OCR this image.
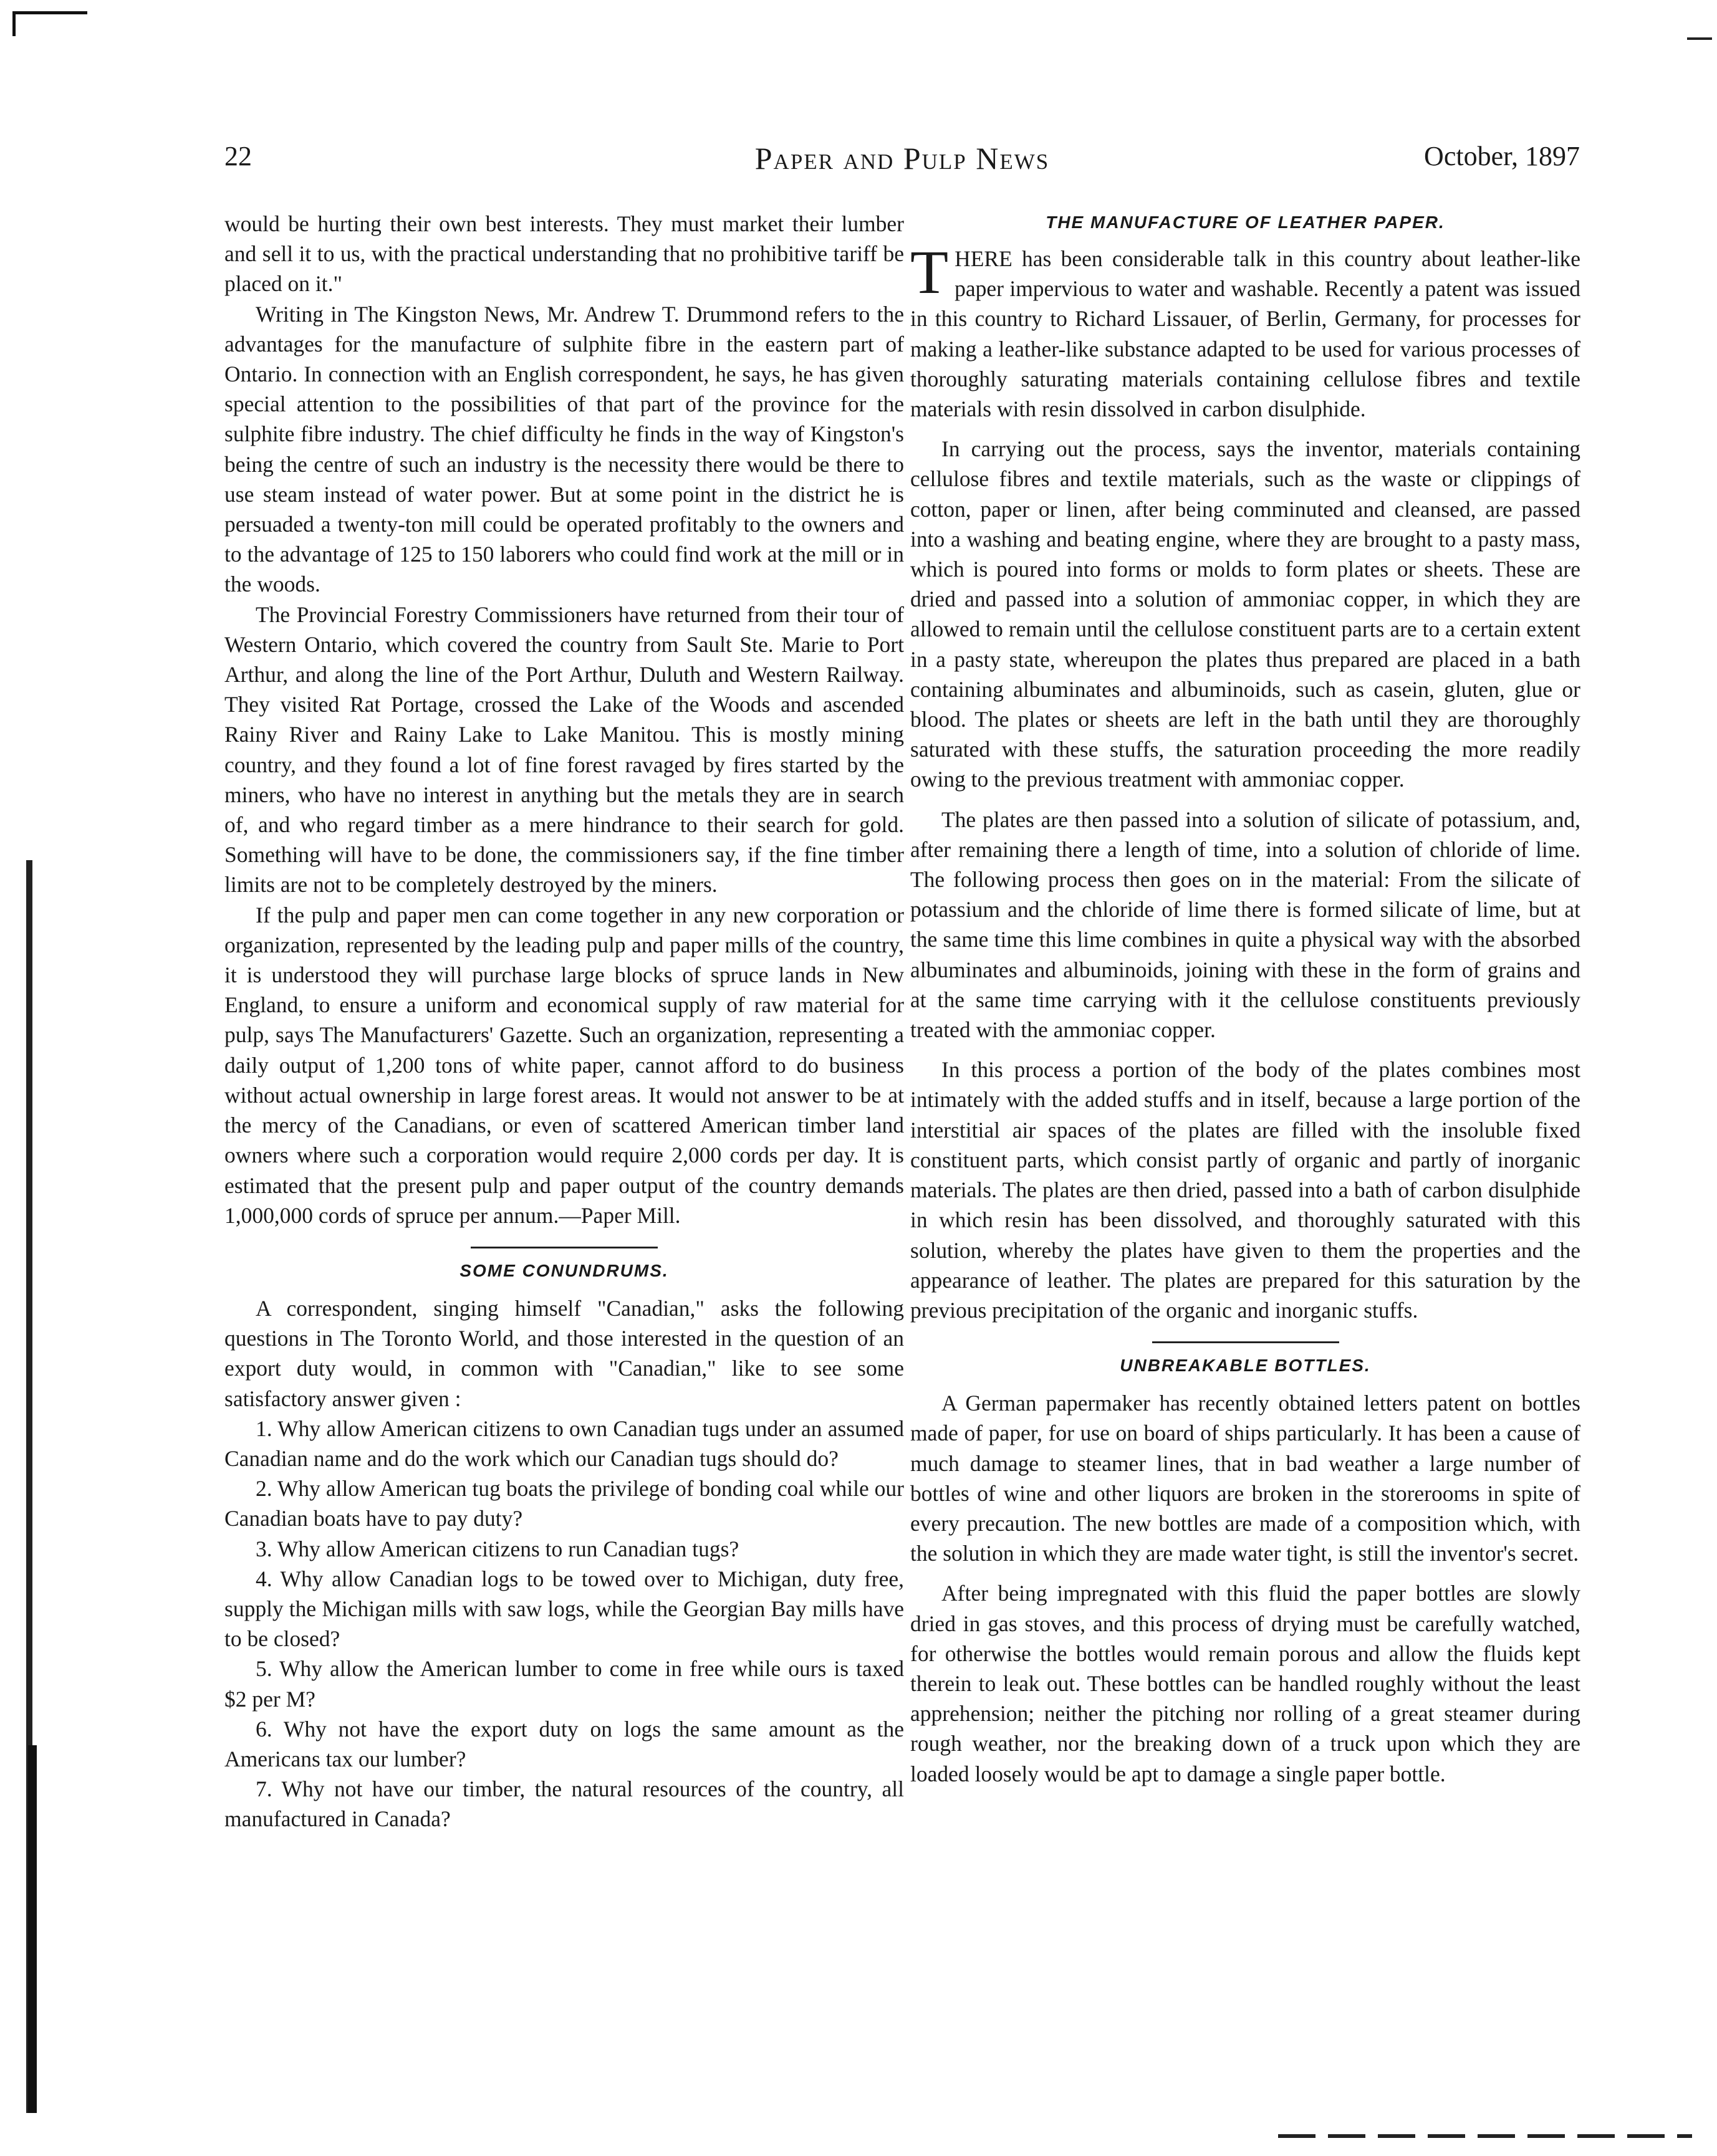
22	Paper and Pulp News	October, 1897

would be hurting their own best interests. They must market their lumber and sell it to us, with the practical understanding that no prohibitive tariff be placed on it."

Writing in The Kingston News, Mr. Andrew T. Drummond refers to the advantages for the manufacture of sulphite fibre in the eastern part of Ontario. In connection with an English correspondent, he says, he has given special attention to the possibilities of that part of the province for the sulphite fibre industry. The chief difficulty he finds in the way of Kingston's being the centre of such an industry is the necessity there would be there to use steam instead of water power. But at some point in the district he is persuaded a twenty-ton mill could be operated profitably to the owners and to the advantage of 125 to 150 laborers who could find work at the mill or in the woods.

The Provincial Forestry Commissioners have returned from their tour of Western Ontario, which covered the country from Sault Ste. Marie to Port Arthur, and along the line of the Port Arthur, Duluth and Western Railway. They visited Rat Portage, crossed the Lake of the Woods and ascended Rainy River and Rainy Lake to Lake Manitou. This is mostly mining country, and they found a lot of fine forest ravaged by fires started by the miners, who have no interest in anything but the metals they are in search of, and who regard timber as a mere hindrance to their search for gold. Something will have to be done, the commissioners say, if the fine timber limits are not to be completely destroyed by the miners.

If the pulp and paper men can come together in any new corporation or organization, represented by the leading pulp and paper mills of the country, it is understood they will purchase large blocks of spruce lands in New England, to ensure a uniform and economical supply of raw material for pulp, says The Manufacturers' Gazette. Such an organization, representing a daily output of 1,200 tons of white paper, cannot afford to do business without actual ownership in large forest areas. It would not answer to be at the mercy of the Canadians, or even of scattered American timber land owners where such a corporation would require 2,000 cords per day. It is estimated that the present pulp and paper output of the country demands 1,000,000 cords of spruce per annum.—Paper Mill.

SOME CONUNDRUMS.

A correspondent, singing himself "Canadian," asks the following questions in The Toronto World, and those interested in the question of an export duty would, in common with "Canadian," like to see some satisfactory answer given :

1. Why allow American citizens to own Canadian tugs under an assumed Canadian name and do the work which our Canadian tugs should do?

2. Why allow American tug boats the privilege of bonding coal while our Canadian boats have to pay duty?

3. Why allow American citizens to run Canadian tugs?

4. Why allow Canadian logs to be towed over to Michigan, duty free, supply the Michigan mills with saw logs, while the Georgian Bay mills have to be closed?

5. Why allow the American lumber to come in free while ours is taxed $2 per M?

6. Why not have the export duty on logs the same amount as the Americans tax our lumber?

7. Why not have our timber, the natural resources of the country, all manufactured in Canada?

THE MANUFACTURE OF LEATHER PAPER.

THERE has been considerable talk in this country about leather-like paper impervious to water and washable. Recently a patent was issued in this country to Richard Lissauer, of Berlin, Germany, for processes for making a leather-like substance adapted to be used for various processes of thoroughly saturating materials containing cellulose fibres and textile materials with resin dissolved in carbon disulphide.

In carrying out the process, says the inventor, materials containing cellulose fibres and textile materials, such as the waste or clippings of cotton, paper or linen, after being comminuted and cleansed, are passed into a washing and beating engine, where they are brought to a pasty mass, which is poured into forms or molds to form plates or sheets. These are dried and passed into a solution of ammoniac copper, in which they are allowed to remain until the cellulose constituent parts are to a certain extent in a pasty state, whereupon the plates thus prepared are placed in a bath containing albuminates and albuminoids, such as casein, gluten, glue or blood. The plates or sheets are left in the bath until they are thoroughly saturated with these stuffs, the saturation proceeding the more readily owing to the previous treatment with ammoniac copper.

The plates are then passed into a solution of silicate of potassium, and, after remaining there a length of time, into a solution of chloride of lime. The following process then goes on in the material: From the silicate of potassium and the chloride of lime there is formed silicate of lime, but at the same time this lime combines in quite a physical way with the absorbed albuminates and albuminoids, joining with these in the form of grains and at the same time carrying with it the cellulose constituents previously treated with the ammoniac copper.

In this process a portion of the body of the plates combines most intimately with the added stuffs and in itself, because a large portion of the interstitial air spaces of the plates are filled with the insoluble fixed constituent parts, which consist partly of organic and partly of inorganic materials. The plates are then dried, passed into a bath of carbon disulphide in which resin has been dissolved, and thoroughly saturated with this solution, whereby the plates have given to them the properties and the appearance of leather. The plates are prepared for this saturation by the previous precipitation of the organic and inorganic stuffs.

UNBREAKABLE BOTTLES.

A German papermaker has recently obtained letters patent on bottles made of paper, for use on board of ships particularly. It has been a cause of much damage to steamer lines, that in bad weather a large number of bottles of wine and other liquors are broken in the storerooms in spite of every precaution. The new bottles are made of a composition which, with the solution in which they are made water tight, is still the inventor's secret.

After being impregnated with this fluid the paper bottles are slowly dried in gas stoves, and this process of drying must be carefully watched, for otherwise the bottles would remain porous and allow the fluids kept therein to leak out. These bottles can be handled roughly without the least apprehension; neither the pitching nor rolling of a great steamer during rough weather, nor the breaking down of a truck upon which they are loaded loosely would be apt to damage a single paper bottle.
